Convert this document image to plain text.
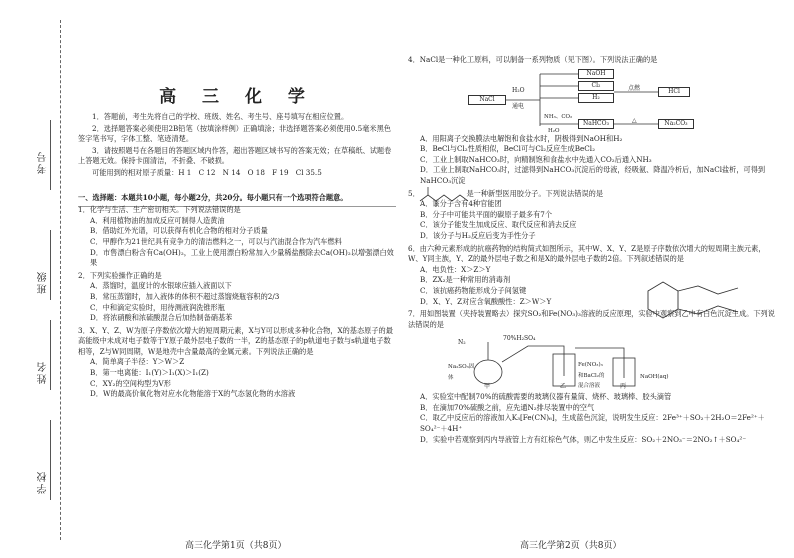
考号
班级
姓名
学校
高 三 化 学

1．答题前，考生先将自己的学校、班级、姓名、考生号、座号填写在相应位置。

2．选择题答案必须使用2B铅笔（按填涂样例）正确填涂；非选择题答案必须使用0.5毫米黑色签字笔书写，字体工整、笔迹清楚。

3．请按照题号在各题目的答题区域内作答，超出答题区域书写的答案无效；在草稿纸、试题卷上答题无效。保持卡面清洁，不折叠、不破损。

可能用到的相对原子质量：H 1　C 12　N 14　O 18　F 19　Cl 35.5

一、选择题：本题共10小题，每小题2分，共20分。每小题只有一个选项符合题意。
1．化学与生活、生产密切相关。下列说法错误的是
A．利用植物油的加成反应可制得人造黄油
B．借助红外光谱，可以获得有机化合物的相对分子质量
C．甲醇作为21世纪具有竞争力的清洁燃料之一，可以与汽油混合作为汽车燃料
D．市售漂白粉含有Ca(OH)₂，工业上使用漂白粉常加入少量稀盐酸除去Ca(OH)₂以增强漂白效果
2．下列实验操作正确的是
A．蒸馏时，温度计的水银球应插入液面以下
B．常压蒸馏时，加入液体的体积不超过蒸馏烧瓶容积的2/3
C．中和滴定实验时，用待测液润洗锥形瓶
D．将浓硝酸和浓硫酸混合后加热制备硝基苯
3．X、Y、Z、W为原子序数依次增大的短周期元素，X与Y可以形成多种化合物，X的基态原子的最高能级中未成对电子数等于Y原子最外层电子数的一半，Z的基态原子的p轨道电子数与s轨道电子数相等，Z与W同周期，W是地壳中含量最高的金属元素。下列说法正确的是
A．简单离子半径：Y＞W＞Z
B．第一电离能：I₁(Y)＞I₁(X)＞I₁(Z)
C．XY₂的空间构型为V形
D．W的最高价氧化物对应水化物能溶于X的气态氢化物的水溶液
4．NaCl是一种化工原料，可以制备一系列物质（见下图）。下列说法正确的是
NaCl
NaOH
Cl₂
H₂
NaHCO₃
HCl
Na₂CO₃
H₂O
通电
NH₃、CO₂
H₂O
点燃
△
A．用阳离子交换膜法电解饱和食盐水时，阴极得到NaOH和H₂
B．BeCl与Cl₂性质相似，BeCl可与Cl₂反应生成BeCl₂
C．工业上制取NaHCO₃时，向精制饱和食盐水中先通入CO₂后通入NH₃
D．工业上制取NaHCO₃时，过滤得到NaHCO₃沉淀后的母液，经吸氨、降温冷析后，加NaCl盐析，可得到NaHCO₃沉淀
5．　　　　　　　是一种新型医用胶分子。下列说法错误的是
A．该分子含有4种官能团
B．分子中可能共平面的碳原子最多有7个
C．该分子能发生加成反应、取代反应和消去反应
D．该分子与H₂反应后变为手性分子
6．由六种元素形成的抗癌药物的结构简式如图所示，其中W、X、Y、Z是原子序数依次增大的短周期主族元素，W、Y同主族，Y、Z的最外层电子数之和是X的最外层电子数的2倍。下列叙述错误的是
A．电负性：X＞Z＞Y
B．ZX₂是一种常用的消毒剂
C．该抗癌药物能形成分子间氢键
D．X、Y、Z对应含氧酸酸性：Z＞W＞Y
7．用如图装置（夹持装置略去）探究SO₂和Fe(NO₃)₃溶液的反应原理，实验中观察到乙中有白色沉淀生成。下列说法错误的是
70%H₂SO₄
N₂
Na₂SO₃固体
Fe(NO₃)₃和BaCl₂的混合溶液
NaOH(aq)
甲	乙	丙
A．实验室中配制70%的硫酸需要的玻璃仪器有量筒、烧杯、玻璃棒、胶头滴管
B．在滴加70%硫酸之前，应先通N₂排尽装置中的空气
C．取乙中反应后的溶液加入K₃[Fe(CN)₆]，生成蓝色沉淀，说明发生反应：2Fe³⁺＋SO₂＋2H₂O＝2Fe²⁺＋SO₄²⁻＋4H⁺
D．实验中若观察到丙内导液管上方有红棕色气体，则乙中发生反应：SO₂＋2NO₃⁻＝2NO₂↑＋SO₄²⁻
高三化学第1页（共8页）	高三化学第2页（共8页）
